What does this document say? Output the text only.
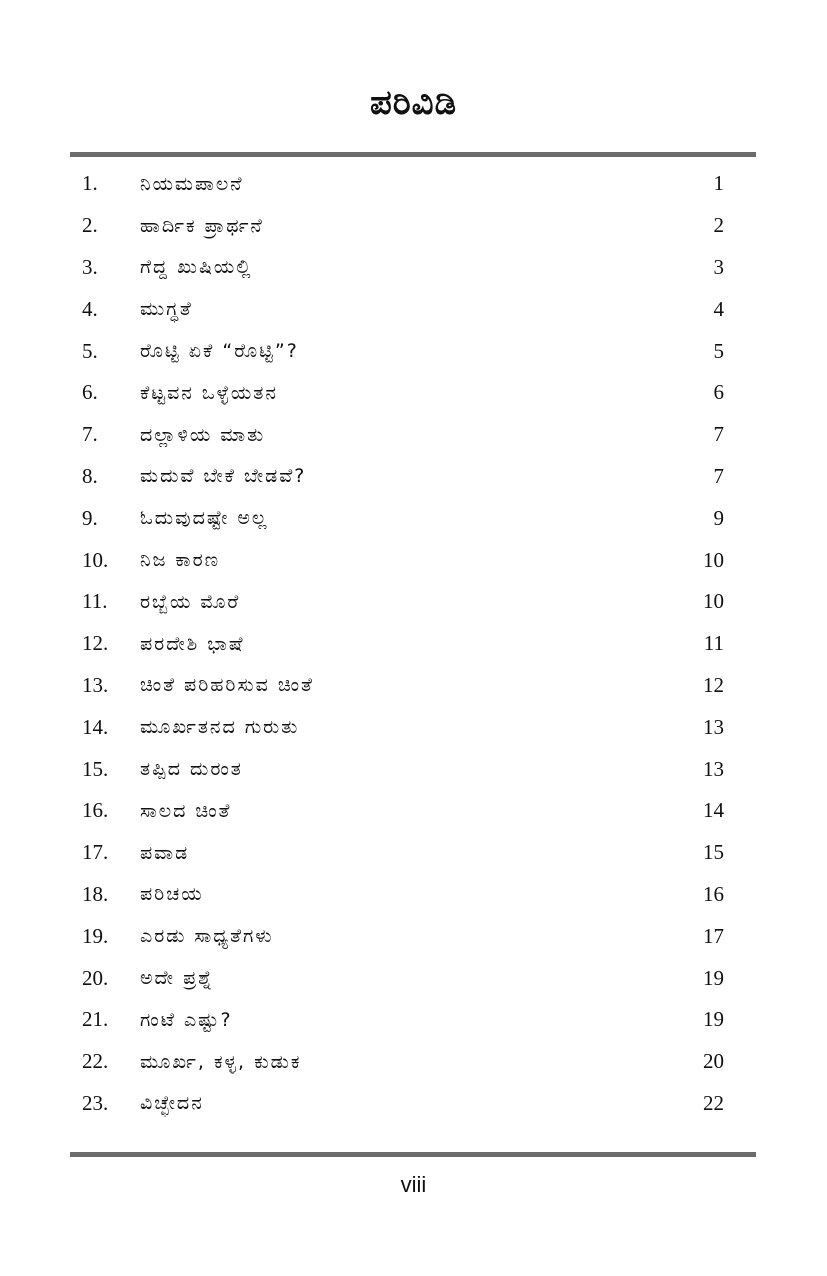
ಪರಿವಿಡಿ
1.	ನಿಯಮಪಾಲನೆ	1
2.	ಹಾರ್ದಿಕ ಪ್ರಾರ್ಥನೆ	2
3.	ಗೆದ್ದ ಖುಷಿಯಲ್ಲಿ	3
4.	ಮುಗ್ಧತೆ	4
5.	ರೊಟ್ಟಿ ಏಕೆ “ರೊಟ್ಟಿ”?	5
6.	ಕೆಟ್ಟವನ ಒಳ್ಳೆಯತನ	6
7.	ದಲ್ಲಾಳಿಯ ಮಾತು	7
8.	ಮದುವೆ ಬೇಕೆ ಬೇಡವೆ?	7
9.	ಓದುವುದಷ್ಟೇ ಅಲ್ಲ	9
10.	ನಿಜ ಕಾರಣ	10
11.	ರಬ್ಬೆಯ ಮೊರೆ	10
12.	ಪರದೇಶಿ ಭಾಷೆ	11
13.	ಚಿಂತೆ ಪರಿಹರಿಸುವ ಚಿಂತೆ	12
14.	ಮೂರ್ಖತನದ ಗುರುತು	13
15.	ತಪ್ಪಿದ ದುರಂತ	13
16.	ಸಾಲದ ಚಿಂತೆ	14
17.	ಪವಾಡ	15
18.	ಪರಿಚಯ	16
19.	ಎರಡು ಸಾಧ್ಯತೆಗಳು	17
20.	ಅದೇ ಪ್ರಶ್ನೆ	19
21.	ಗಂಟೆ ಎಷ್ಟು?	19
22.	ಮೂರ್ಖ, ಕಳ್ಳ, ಕುಡುಕ	20
23.	ವಿಚ್ಛೇದನ	22
viii
